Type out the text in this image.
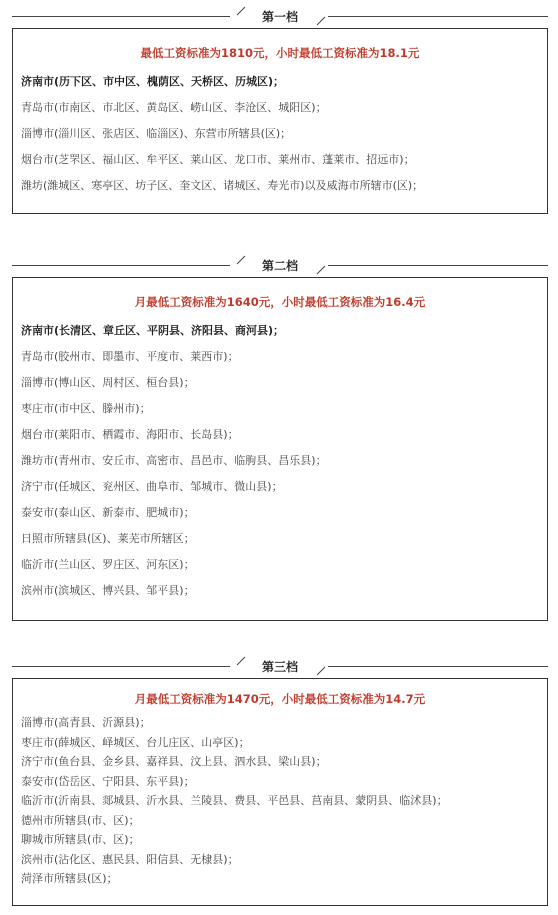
第一档
最低工资标准为1810元，小时最低工资标准为18.1元
济南市(历下区、市中区、槐荫区、天桥区、历城区)；
青岛市(市南区、市北区、黄岛区、崂山区、李沧区、城阳区)；
淄博市(淄川区、张店区、临淄区)、东营市所辖县(区)；
烟台市(芝罘区、福山区、牟平区、莱山区、龙口市、莱州市、蓬莱市、招远市)；
潍坊(潍城区、寒亭区、坊子区、奎文区、诸城区、寿光市)以及威海市所辖市(区)；
第二档
月最低工资标准为1640元，小时最低工资标准为16.4元
济南市(长清区、章丘区、平阴县、济阳县、商河县)；
青岛市(胶州市、即墨市、平度市、莱西市)；
淄博市(博山区、周村区、桓台县)；
枣庄市(市中区、滕州市)；
烟台市(莱阳市、栖霞市、海阳市、长岛县)；
潍坊市(青州市、安丘市、高密市、昌邑市、临朐县、昌乐县)；
济宁市(任城区、兖州区、曲阜市、邹城市、微山县)；
泰安市(泰山区、新泰市、肥城市)；
日照市所辖县(区)、莱芜市所辖区；
临沂市(兰山区、罗庄区、河东区)；
滨州市(滨城区、博兴县、邹平县)；
第三档
月最低工资标准为1470元，小时最低工资标准为14.7元
淄博市(高青县、沂源县)；
枣庄市(薛城区、峄城区、台儿庄区、山亭区)；
济宁市(鱼台县、金乡县、嘉祥县、汶上县、泗水县、梁山县)；
泰安市(岱岳区、宁阳县、东平县)；
临沂市(沂南县、郯城县、沂水县、兰陵县、费县、平邑县、莒南县、蒙阴县、临沭县)；
德州市所辖县(市、区)；
聊城市所辖县(市、区)；
滨州市(沾化区、惠民县、阳信县、无棣县)；
菏泽市所辖县(区)；
